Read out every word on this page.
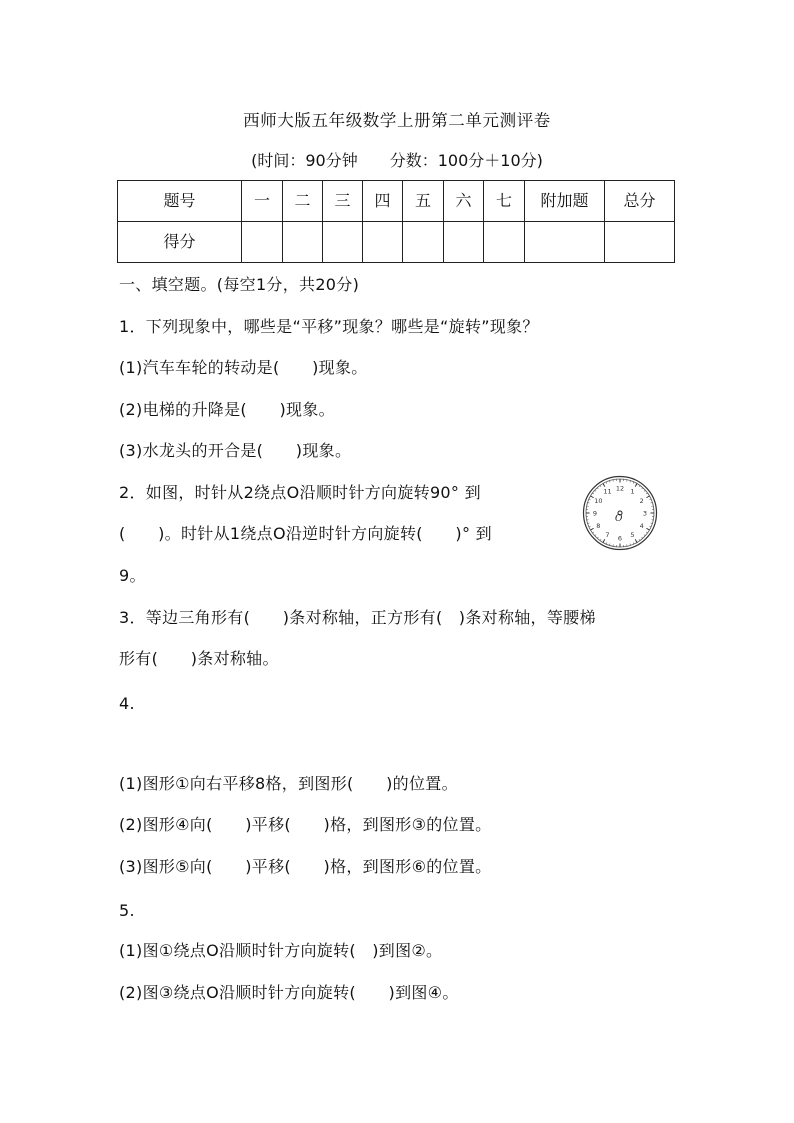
西师大版五年级数学上册第二单元测评卷
(时间：90分钟　　分数：100分＋10分)
题号	一	二	三	四	五	六	七	附加题	总分
得分									
一、填空题。(每空1分，共20分)
1．下列现象中，哪些是“平移”现象？哪些是“旋转”现象？
(1)汽车车轮的转动是(　　)现象。
(2)电梯的升降是(　　)现象。
(3)水龙头的开合是(　　)现象。
2．如图，时针从2绕点O沿顺时针方向旋转90° 到
(　　)。时针从1绕点O沿逆时针方向旋转(　　)° 到
9。
12 1
2
3
4
5
6
7
8
9
10
11
O
3．等边三角形有(　　)条对称轴，正方形有(　)条对称轴，等腰梯
形有(　　)条对称轴。
4.
(1)图形①向右平移8格，到图形(　　)的位置。
(2)图形④向(　　)平移(　　)格，到图形③的位置。
(3)图形⑤向(　　)平移(　　)格，到图形⑥的位置。
5.
(1)图①绕点O沿顺时针方向旋转(　)到图②。
(2)图③绕点O沿顺时针方向旋转(　　)到图④。
